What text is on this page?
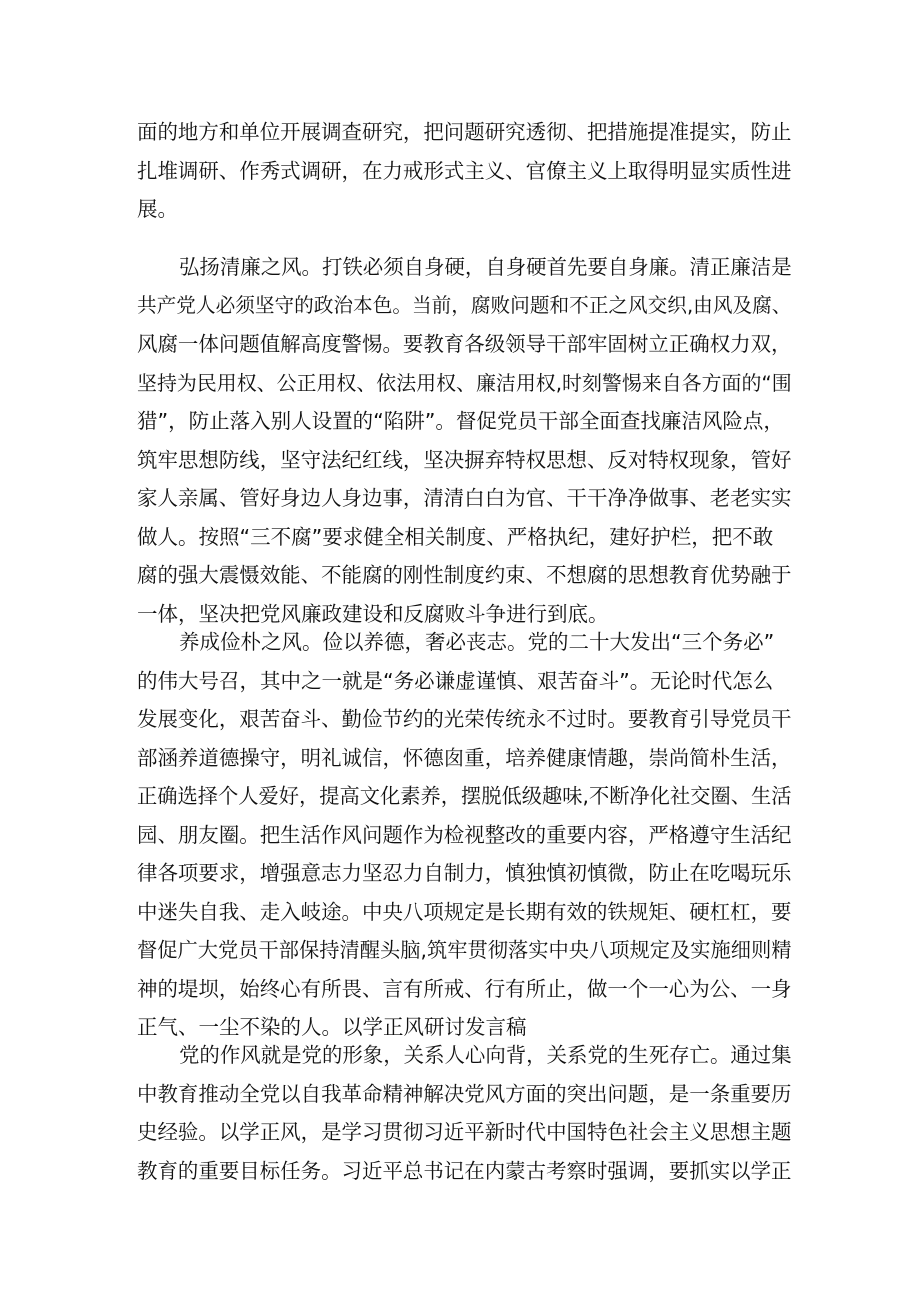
面的地方和单位开展调查研究，把问题研究透彻、把措施提准提实，防止
扎堆调研、作秀式调研，在力戒形式主义、官僚主义上取得明显实质性进
展。
弘扬清廉之风。打铁必须自身硬，自身硬首先要自身廉。清正廉洁是
共产党人必须坚守的政治本色。当前，腐败问题和不正之风交织,由风及腐、
风腐一体问题值解高度警惕。要教育各级领导干部牢固树立正确权力双，
坚持为民用权、公正用权、依法用权、廉洁用权,时刻警惕来自各方面的“围
猎”，防止落入别人设置的“陷阱”。督促党员干部全面查找廉洁风险点，
筑牢思想防线，坚守法纪红线，坚决摒弃特权思想、反对特权现象，管好
家人亲属、管好身边人身边事，清清白白为官、干干净净做事、老老实实
做人。按照“三不腐”要求健全相关制度、严格执纪，建好护栏，把不敢
腐的强大震慑效能、不能腐的刚性制度约束、不想腐的思想教育优势融于
一体，坚决把党风廉政建设和反腐败斗争进行到底。
养成俭朴之风。俭以养德，奢必丧志。党的二十大发出“三个务必”
的伟大号召，其中之一就是“务必谦虚谨慎、艰苦奋斗”。无论时代怎么
发展变化，艰苦奋斗、勤俭节约的光荣传统永不过时。要教育引导党员干
部涵养道德操守，明礼诚信，怀德囱重，培养健康情趣，崇尚简朴生活，
正确选择个人爱好，提高文化素养，摆脱低级趣味,不断净化社交圈、生活
园、朋友圈。把生活作风问题作为检视整改的重要内容，严格遵守生活纪
律各项要求，增强意志力坚忍力自制力，慎独慎初慎微，防止在吃喝玩乐
中迷失自我、走入岐途。中央八项规定是长期有效的铁规矩、硬杠杠，要
督促广大党员干部保持清醒头脑,筑牢贯彻落实中央八项规定及实施细则精
神的堤坝，始终心有所畏、言有所戒、行有所止，做一个一心为公、一身
正气、一尘不染的人。以学正风研讨发言稿
党的作风就是党的形象，关系人心向背，关系党的生死存亡。通过集
中教育推动全党以自我革命精神解决党风方面的突出问题，是一条重要历
史经验。以学正风，是学习贯彻习近平新时代中国特色社会主义思想主题
教育的重要目标任务。习近平总书记在内蒙古考察时强调，要抓实以学正
